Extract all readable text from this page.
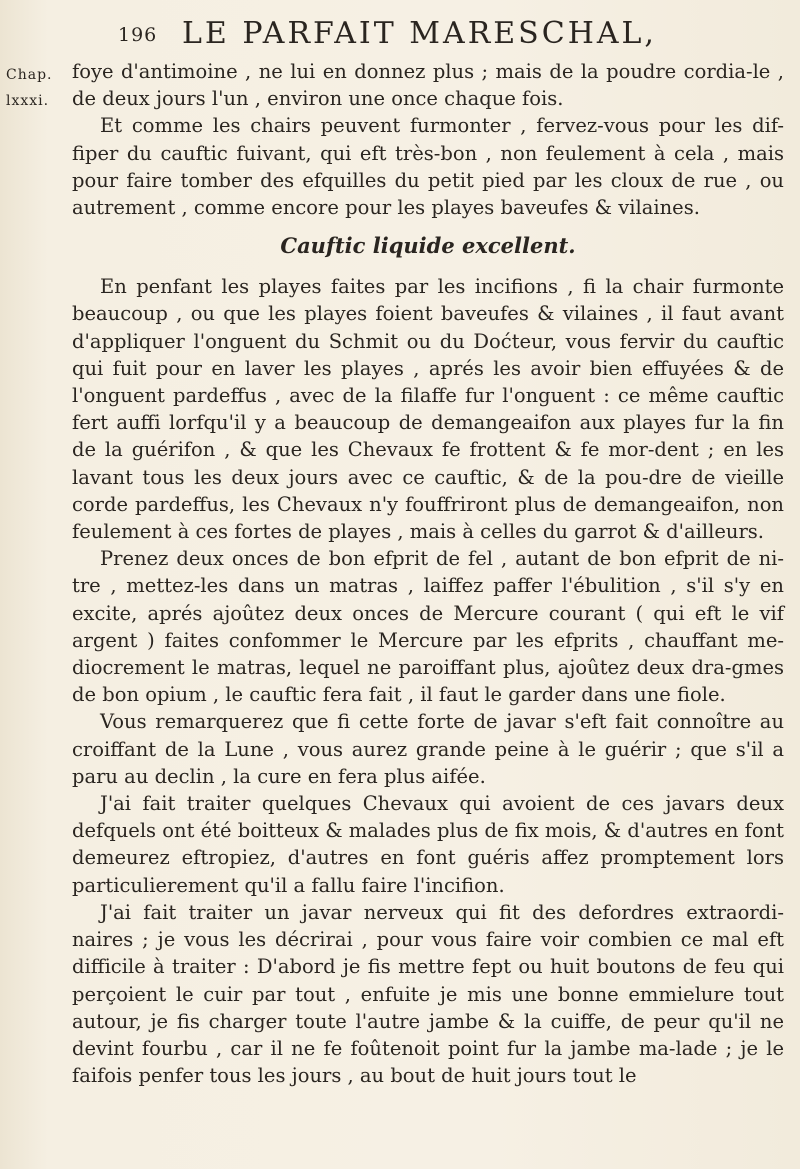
196 LE PARFAIT MARESCHAL,
Chap.
lxxxi.

foye d'antimoine , ne lui en donnez plus ; mais de la poudre cordia-le , de deux jours l'un , environ une once chaque fois.

Et comme les chairs peuvent furmonter , fervez-vous pour les dif-fiper du cauftic fuivant, qui eft très-bon , non feulement à cela , mais pour faire tomber des efquilles du petit pied par les cloux de rue , ou autrement , comme encore pour les playes baveufes & vilaines.

Cauftic liquide excellent.

En penfant les playes faites par les incifions , fi la chair furmonte beaucoup , ou que les playes foient baveufes & vilaines , il faut avant d'appliquer l'onguent du Schmit ou du Doćteur, vous fervir du cauftic qui fuit pour en laver les playes , aprés les avoir bien effuyées & de l'onguent pardeffus , avec de la filaffe fur l'onguent : ce même cauftic fert auffi lorfqu'il y a beaucoup de demangeaifon aux playes fur la fin de la guérifon , & que les Chevaux fe frottent & fe mor-dent ; en les lavant tous les deux jours avec ce cauftic, & de la pou-dre de vieille corde pardeffus, les Chevaux n'y fouffriront plus de demangeaifon, non feulement à ces fortes de playes , mais à celles du garrot & d'ailleurs.

Prenez deux onces de bon efprit de fel , autant de bon efprit de ni-tre , mettez-les dans un matras , laiffez paffer l'ébulition , s'il s'y en excite, aprés ajoûtez deux onces de Mercure courant ( qui eft le vif argent ) faites confommer le Mercure par les efprits , chauffant me-diocrement le matras, lequel ne paroiffant plus, ajoûtez deux dra-gmes de bon opium , le cauftic fera fait , il faut le garder dans une fiole.

Vous remarquerez que fi cette forte de javar s'eft fait connoître au croiffant de la Lune , vous aurez grande peine à le guérir ; que s'il a paru au declin , la cure en fera plus aifée.

J'ai fait traiter quelques Chevaux qui avoient de ces javars deux defquels ont été boitteux & malades plus de fix mois, & d'autres en font demeurez eftropiez, d'autres en font guéris affez promptement lors particulierement qu'il a fallu faire l'incifion.

J'ai fait traiter un javar nerveux qui fit des defordres extraordi-naires ; je vous les décrirai , pour vous faire voir combien ce mal eft difficile à traiter : D'abord je fis mettre fept ou huit boutons de feu qui perçoient le cuir par tout , enfuite je mis une bonne emmielure tout autour, je fis charger toute l'autre jambe & la cuiffe, de peur qu'il ne devint fourbu , car il ne fe foûtenoit point fur la jambe ma-lade ; je le faifois penfer tous les jours , au bout de huit jours tout le
